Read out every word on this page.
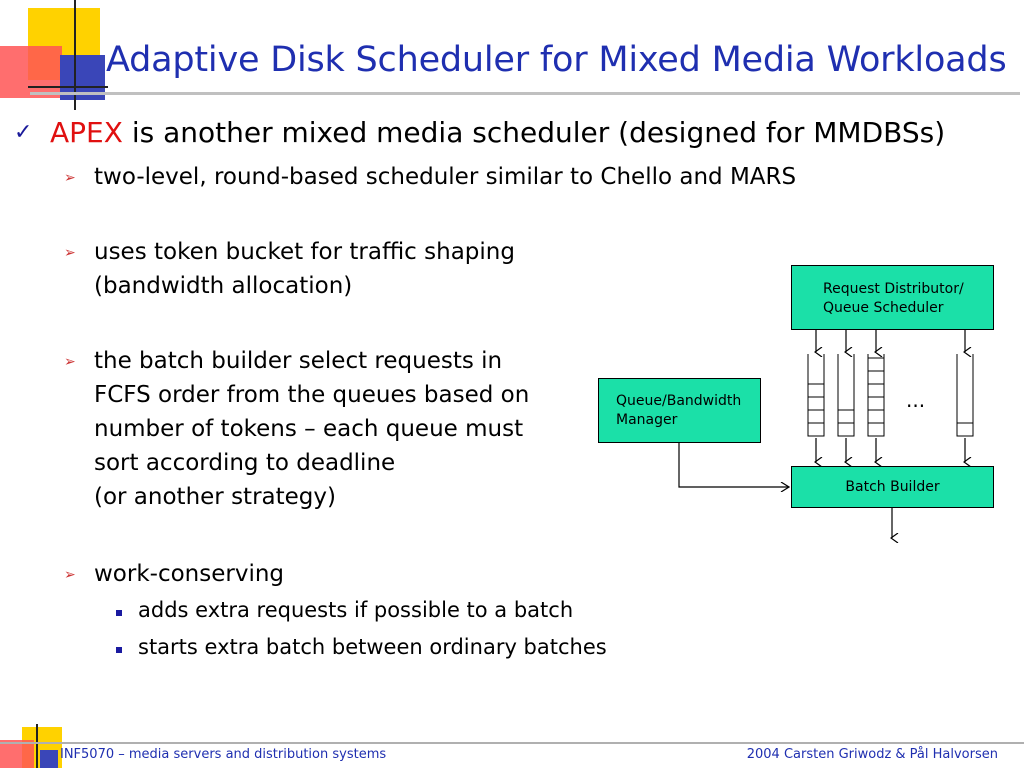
Adaptive Disk Scheduler for Mixed Media Workloads
✓ APEX is another mixed media scheduler (designed for MMDBSs)
➢ two-level, round-based scheduler similar to Chello and MARS
➢ uses token bucket for traffic shaping
(bandwidth allocation)
➢ the batch builder select requests in
FCFS order from the queues based on
number of tokens – each queue must
sort according to deadline
(or another strategy)
➢ work-conserving
adds extra requests if possible to a batch
starts extra batch between ordinary batches
Request Distributor/
Queue Scheduler
Queue/Bandwidth
Manager
Batch Builder
...
INF5070 – media servers and distribution systems	2004 Carsten Griwodz & Pål Halvorsen
